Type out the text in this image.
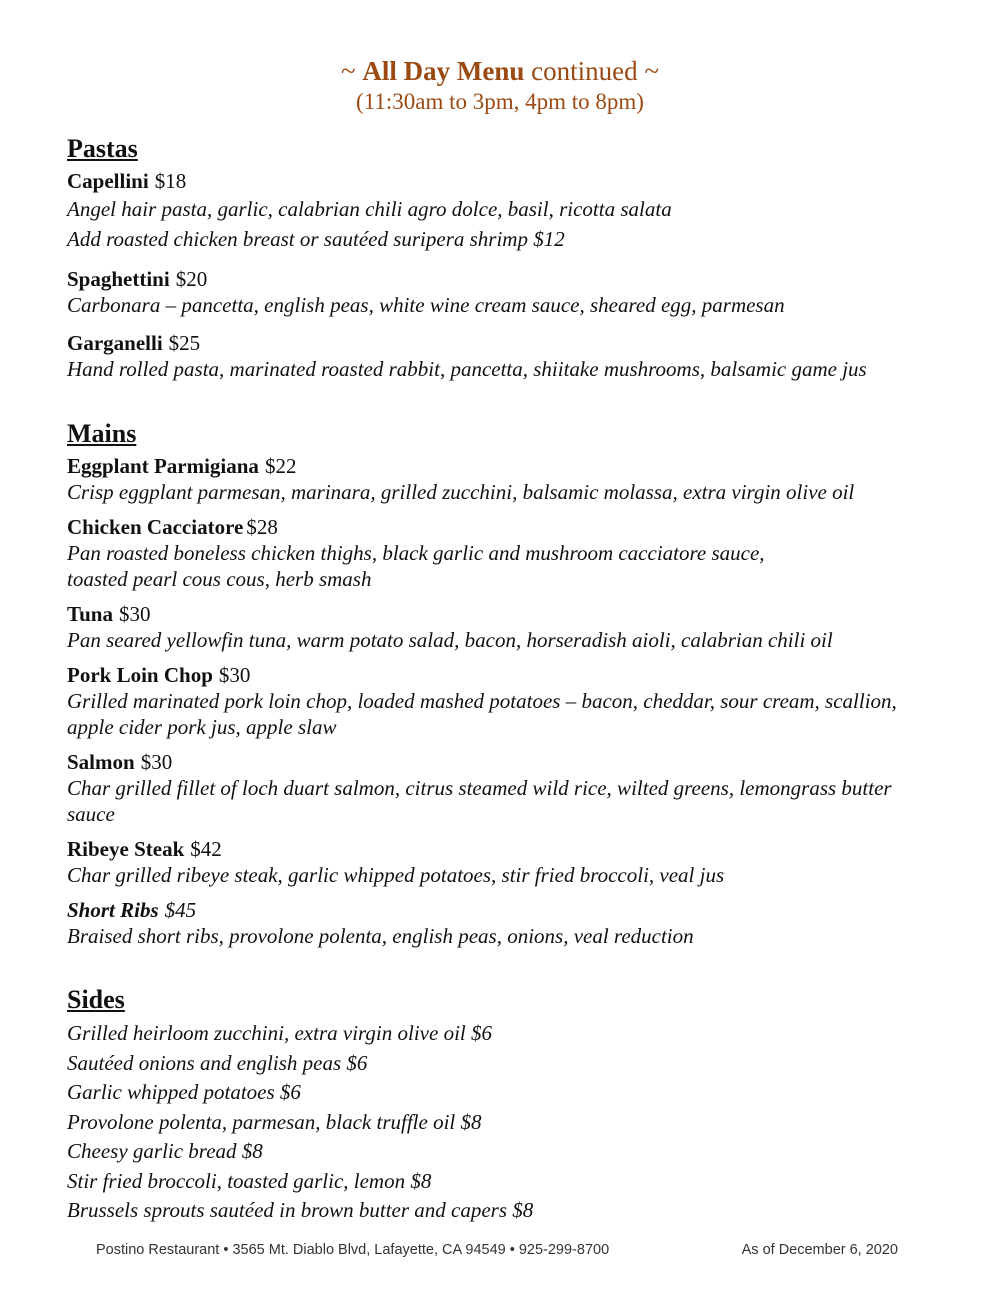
~ All Day Menu continued ~
(11:30am to 3pm, 4pm to 8pm)
Pastas
Capellini $18
Angel hair pasta, garlic, calabrian chili agro dolce, basil, ricotta salata
Add roasted chicken breast or sautéed suripera shrimp $12
Spaghettini $20
Carbonara – pancetta, english peas, white wine cream sauce, sheared egg, parmesan
Garganelli $25
Hand rolled pasta, marinated roasted rabbit, pancetta, shiitake mushrooms, balsamic game jus
Mains
Eggplant Parmigiana $22
Crisp eggplant parmesan, marinara, grilled zucchini, balsamic molassa, extra virgin olive oil
Chicken Cacciatore $28
Pan roasted boneless chicken thighs, black garlic and mushroom cacciatore sauce,
toasted pearl cous cous, herb smash
Tuna $30
Pan seared yellowfin tuna, warm potato salad, bacon, horseradish aioli, calabrian chili oil
Pork Loin Chop $30
Grilled marinated pork loin chop, loaded mashed potatoes – bacon, cheddar, sour cream, scallion,
apple cider pork jus, apple slaw
Salmon $30
Char grilled fillet of loch duart salmon, citrus steamed wild rice, wilted greens, lemongrass butter
sauce
Ribeye Steak $42
Char grilled ribeye steak, garlic whipped potatoes, stir fried broccoli, veal jus
Short Ribs $45
Braised short ribs, provolone polenta, english peas, onions, veal reduction
Sides
Grilled heirloom zucchini, extra virgin olive oil $6
Sautéed onions and english peas $6
Garlic whipped potatoes $6
Provolone polenta, parmesan, black truffle oil $8
Cheesy garlic bread $8
Stir fried broccoli, toasted garlic, lemon $8
Brussels sprouts sautéed in brown butter and capers $8
Postino Restaurant • 3565 Mt. Diablo Blvd, Lafayette, CA 94549 • 925-299-8700	As of December 6, 2020
